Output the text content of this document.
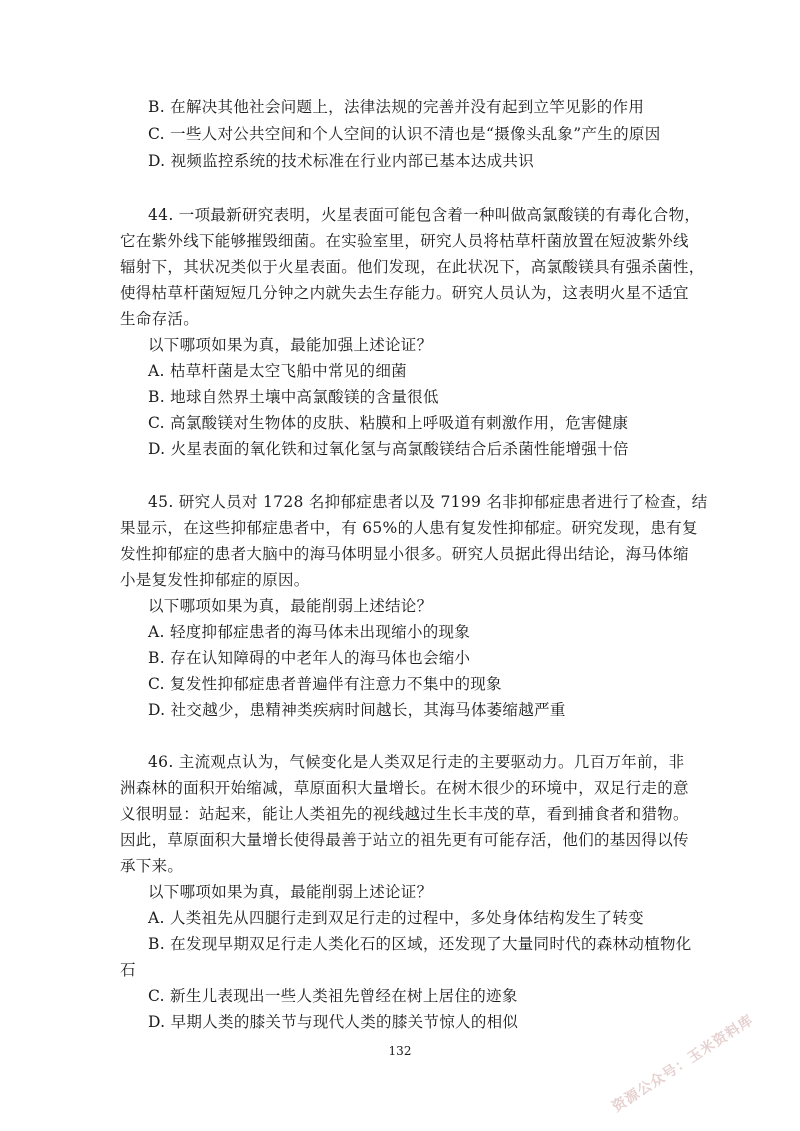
B. 在解决其他社会问题上，法律法规的完善并没有起到立竿见影的作用
C. 一些人对公共空间和个人空间的认识不清也是“摄像头乱象”产生的原因
D. 视频监控系统的技术标准在行业内部已基本达成共识
44. 一项最新研究表明，火星表面可能包含着一种叫做高氯酸镁的有毒化合物，
它在紫外线下能够摧毁细菌。在实验室里，研究人员将枯草杆菌放置在短波紫外线
辐射下，其状况类似于火星表面。他们发现，在此状况下，高氯酸镁具有强杀菌性，
使得枯草杆菌短短几分钟之内就失去生存能力。研究人员认为，这表明火星不适宜
生命存活。
以下哪项如果为真，最能加强上述论证？
A. 枯草杆菌是太空飞船中常见的细菌
B. 地球自然界土壤中高氯酸镁的含量很低
C. 高氯酸镁对生物体的皮肤、粘膜和上呼吸道有刺激作用，危害健康
D. 火星表面的氧化铁和过氧化氢与高氯酸镁结合后杀菌性能增强十倍
45. 研究人员对 1728 名抑郁症患者以及 7199 名非抑郁症患者进行了检查，结
果显示，在这些抑郁症患者中，有 65%的人患有复发性抑郁症。研究发现，患有复
发性抑郁症的患者大脑中的海马体明显小很多。研究人员据此得出结论，海马体缩
小是复发性抑郁症的原因。
以下哪项如果为真，最能削弱上述结论？
A. 轻度抑郁症患者的海马体未出现缩小的现象
B. 存在认知障碍的中老年人的海马体也会缩小
C. 复发性抑郁症患者普遍伴有注意力不集中的现象
D. 社交越少，患精神类疾病时间越长，其海马体萎缩越严重
46. 主流观点认为，气候变化是人类双足行走的主要驱动力。几百万年前，非
洲森林的面积开始缩减，草原面积大量增长。在树木很少的环境中，双足行走的意
义很明显：站起来，能让人类祖先的视线越过生长丰茂的草，看到捕食者和猎物。
因此，草原面积大量增长使得最善于站立的祖先更有可能存活，他们的基因得以传
承下来。
以下哪项如果为真，最能削弱上述论证？
A. 人类祖先从四腿行走到双足行走的过程中，多处身体结构发生了转变
B. 在发现早期双足行走人类化石的区域，还发现了大量同时代的森林动植物化
石
C. 新生儿表现出一些人类祖先曾经在树上居住的迹象
D. 早期人类的膝关节与现代人类的膝关节惊人的相似
132	资源公众号：玉米资料库
